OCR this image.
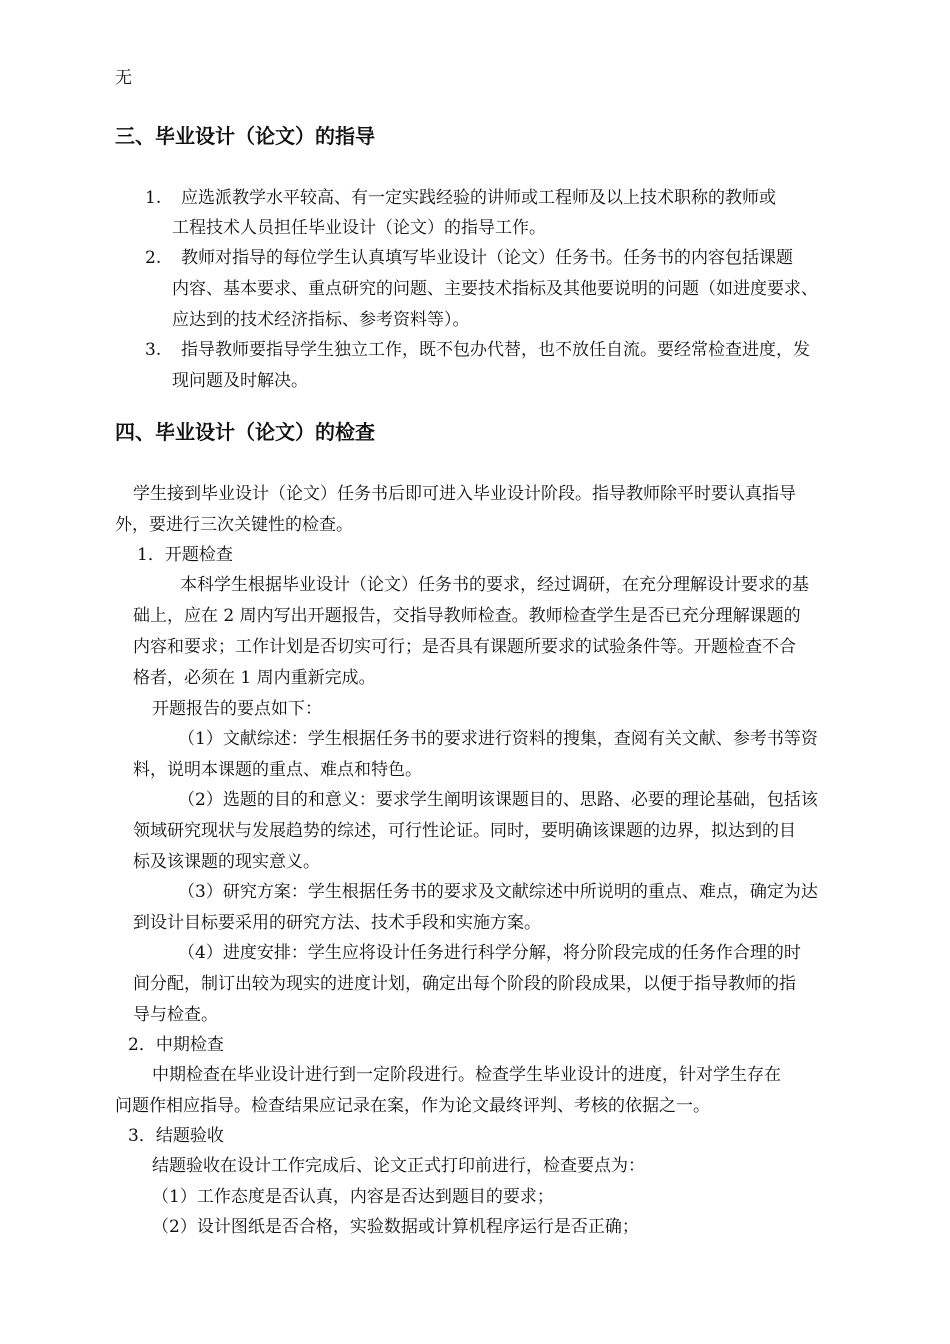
无
三、毕业设计（论文）的指导
1. 应选派教学水平较高、有一定实践经验的讲师或工程师及以上技术职称的教师或
工程技术人员担任毕业设计（论文）的指导工作。
2. 教师对指导的每位学生认真填写毕业设计（论文）任务书。任务书的内容包括课题
内容、基本要求、重点研究的问题、主要技术指标及其他要说明的问题（如进度要求、
应达到的技术经济指标、参考资料等）。
3. 指导教师要指导学生独立工作，既不包办代替，也不放任自流。要经常检查进度，发
现问题及时解决。
四、毕业设计（论文）的检查
学生接到毕业设计（论文）任务书后即可进入毕业设计阶段。指导教师除平时要认真指导
外，要进行三次关键性的检查。
1．开题检查
本科学生根据毕业设计（论文）任务书的要求，经过调研，在充分理解设计要求的基
础上，应在 2 周内写出开题报告，交指导教师检查。教师检查学生是否已充分理解课题的
内容和要求；工作计划是否切实可行；是否具有课题所要求的试验条件等。开题检查不合
格者，必须在 1 周内重新完成。
开题报告的要点如下：
（1）文献综述：学生根据任务书的要求进行资料的搜集，查阅有关文献、参考书等资
料，说明本课题的重点、难点和特色。
（2）选题的目的和意义：要求学生阐明该课题目的、思路、必要的理论基础，包括该
领域研究现状与发展趋势的综述，可行性论证。同时，要明确该课题的边界，拟达到的目
标及该课题的现实意义。
（3）研究方案：学生根据任务书的要求及文献综述中所说明的重点、难点，确定为达
到设计目标要采用的研究方法、技术手段和实施方案。
（4）进度安排：学生应将设计任务进行科学分解，将分阶段完成的任务作合理的时
间分配，制订出较为现实的进度计划，确定出每个阶段的阶段成果，以便于指导教师的指
导与检查。
2．中期检查
中期检查在毕业设计进行到一定阶段进行。检查学生毕业设计的进度，针对学生存在
问题作相应指导。检查结果应记录在案，作为论文最终评判、考核的依据之一。
3．结题验收
结题验收在设计工作完成后、论文正式打印前进行，检查要点为：
（1）工作态度是否认真，内容是否达到题目的要求；
（2）设计图纸是否合格，实验数据或计算机程序运行是否正确；
